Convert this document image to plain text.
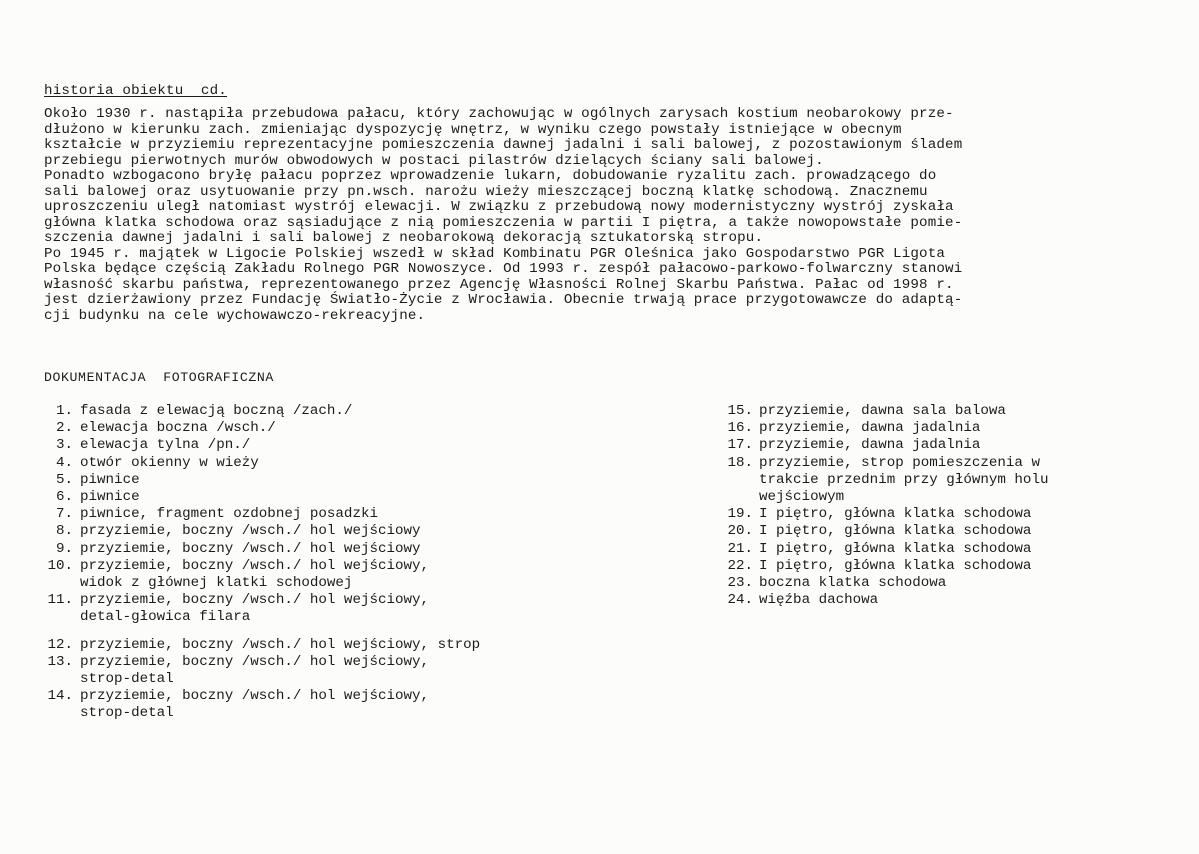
historia obiektu  cd.
Około 1930 r. nastąpiła przebudowa pałacu, który zachowując w ogólnych zarysach kostium neobarokowy prze-
dłużono w kierunku zach. zmieniając dyspozycję wnętrz, w wyniku czego powstały istniejące w obecnym
kształcie w przyziemiu reprezentacyjne pomieszczenia dawnej jadalni i sali balowej, z pozostawionym śladem
przebiegu pierwotnych murów obwodowych w postaci pilastrów dzielących ściany sali balowej.
Ponadto wzbogacono bryłę pałacu poprzez wprowadzenie lukarn, dobudowanie ryzalitu zach. prowadzącego do
sali balowej oraz usytuowanie przy pn.wsch. narożu wieży mieszczącej boczną klatkę schodową. Znacznemu
uproszczeniu uległ natomiast wystrój elewacji. W związku z przebudową nowy modernistyczny wystrój zyskała
główna klatka schodowa oraz sąsiadujące z nią pomieszczenia w partii I piętra, a także nowopowstałe pomie-
szczenia dawnej jadalni i sali balowej z neobarokową dekoracją sztukatorską stropu.
Po 1945 r. majątek w Ligocie Polskiej wszedł w skład Kombinatu PGR Oleśnica jako Gospodarstwo PGR Ligota
Polska będące częścią Zakładu Rolnego PGR Nowoszyce. Od 1993 r. zespół pałacowo-parkowo-folwarczny stanowi
własność skarbu państwa, reprezentowanego przez Agencję Własności Rolnej Skarbu Państwa. Pałac od 1998 r.
jest dzierżawiony przez Fundację Światło-Życie z Wrocławia. Obecnie trwają prace przygotowawcze do adaptą-
cji budynku na cele wychowawczo-rekreacyjne.
DOKUMENTACJA  FOTOGRAFICZNA
1. fasada z elewacją boczną /zach./
2. elewacja boczna /wsch./
3. elewacja tylna /pn./
4. otwór okienny w wieży
5. piwnice
6. piwnice
7. piwnice, fragment ozdobnej posadzki
8. przyziemie, boczny /wsch./ hol wejściowy
9. przyziemie, boczny /wsch./ hol wejściowy
10. przyziemie, boczny /wsch./ hol wejściowy,
widok z głównej klatki schodowej
11. przyziemie, boczny /wsch./ hol wejściowy,
detal-głowica filara
12. przyziemie, boczny /wsch./ hol wejściowy, strop
13. przyziemie, boczny /wsch./ hol wejściowy,
strop-detal
14. przyziemie, boczny /wsch./ hol wejściowy,
strop-detal
15. przyziemie, dawna sala balowa
16. przyziemie, dawna jadalnia
17. przyziemie, dawna jadalnia
18. przyziemie, strop pomieszczenia w
trakcie przednim przy głównym holu
wejściowym
19. I piętro, główna klatka schodowa
20. I piętro, główna klatka schodowa
21. I piętro, główna klatka schodowa
22. I piętro, główna klatka schodowa
23. boczna klatka schodowa
24. więźba dachowa
